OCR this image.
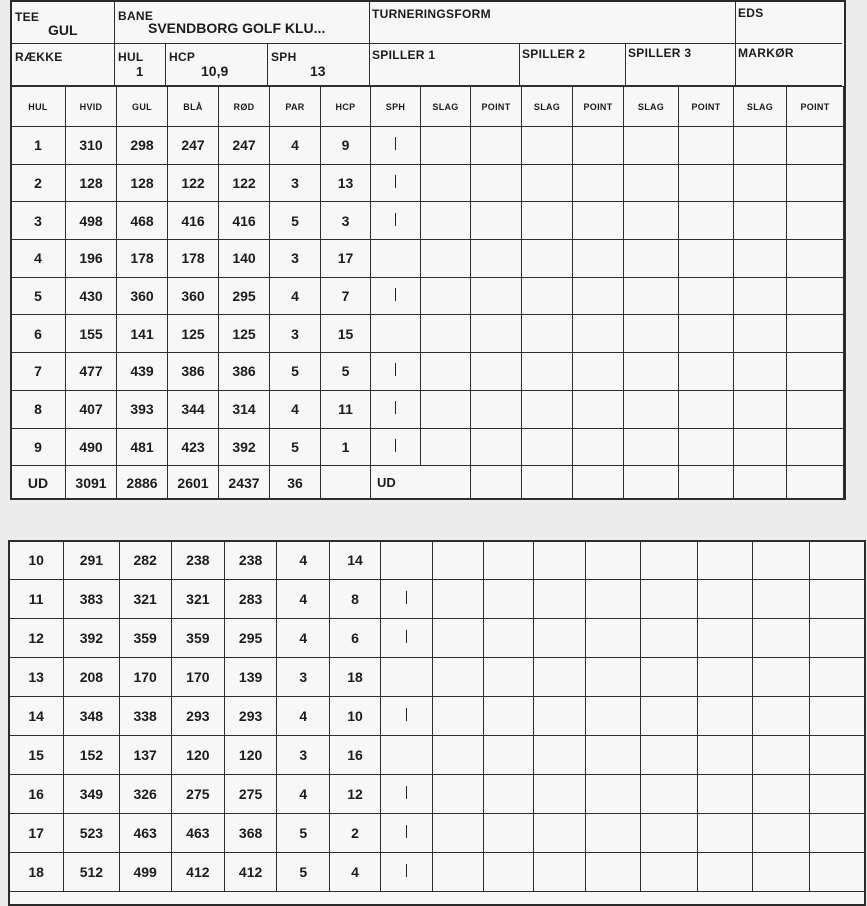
TEE
GUL
BANE
SVENDBORG GOLF KLU...
TURNERINGSFORM	EDS
RÆKKE	HUL
1
HCP
10,9
SPH
13
SPILLER 1	SPILLER 2	SPILLER 3	MARKØR
HUL	HVID	GUL	BLÅ	RØD	PAR	HCP	SPH	SLAG	POINT	SLAG	POINT	SLAG	POINT	SLAG	POINT
1	310	298	247	247	4	9									
2	128	128	122	122	3	13									
3	498	468	416	416	5	3									
4	196	178	178	140	3	17									
5	430	360	360	295	4	7									
6	155	141	125	125	3	15									
7	477	439	386	386	5	5									
8	407	393	344	314	4	11									
9	490	481	423	392	5	1									
UD	3091	2886	2601	2437	36		UD								
10	291	282	238	238	4	14									
11	383	321	321	283	4	8									
12	392	359	359	295	4	6									
13	208	170	170	139	3	18									
14	348	338	293	293	4	10									
15	152	137	120	120	3	16									
16	349	326	275	275	4	12									
17	523	463	463	368	5	2									
18	512	499	412	412	5	4									
